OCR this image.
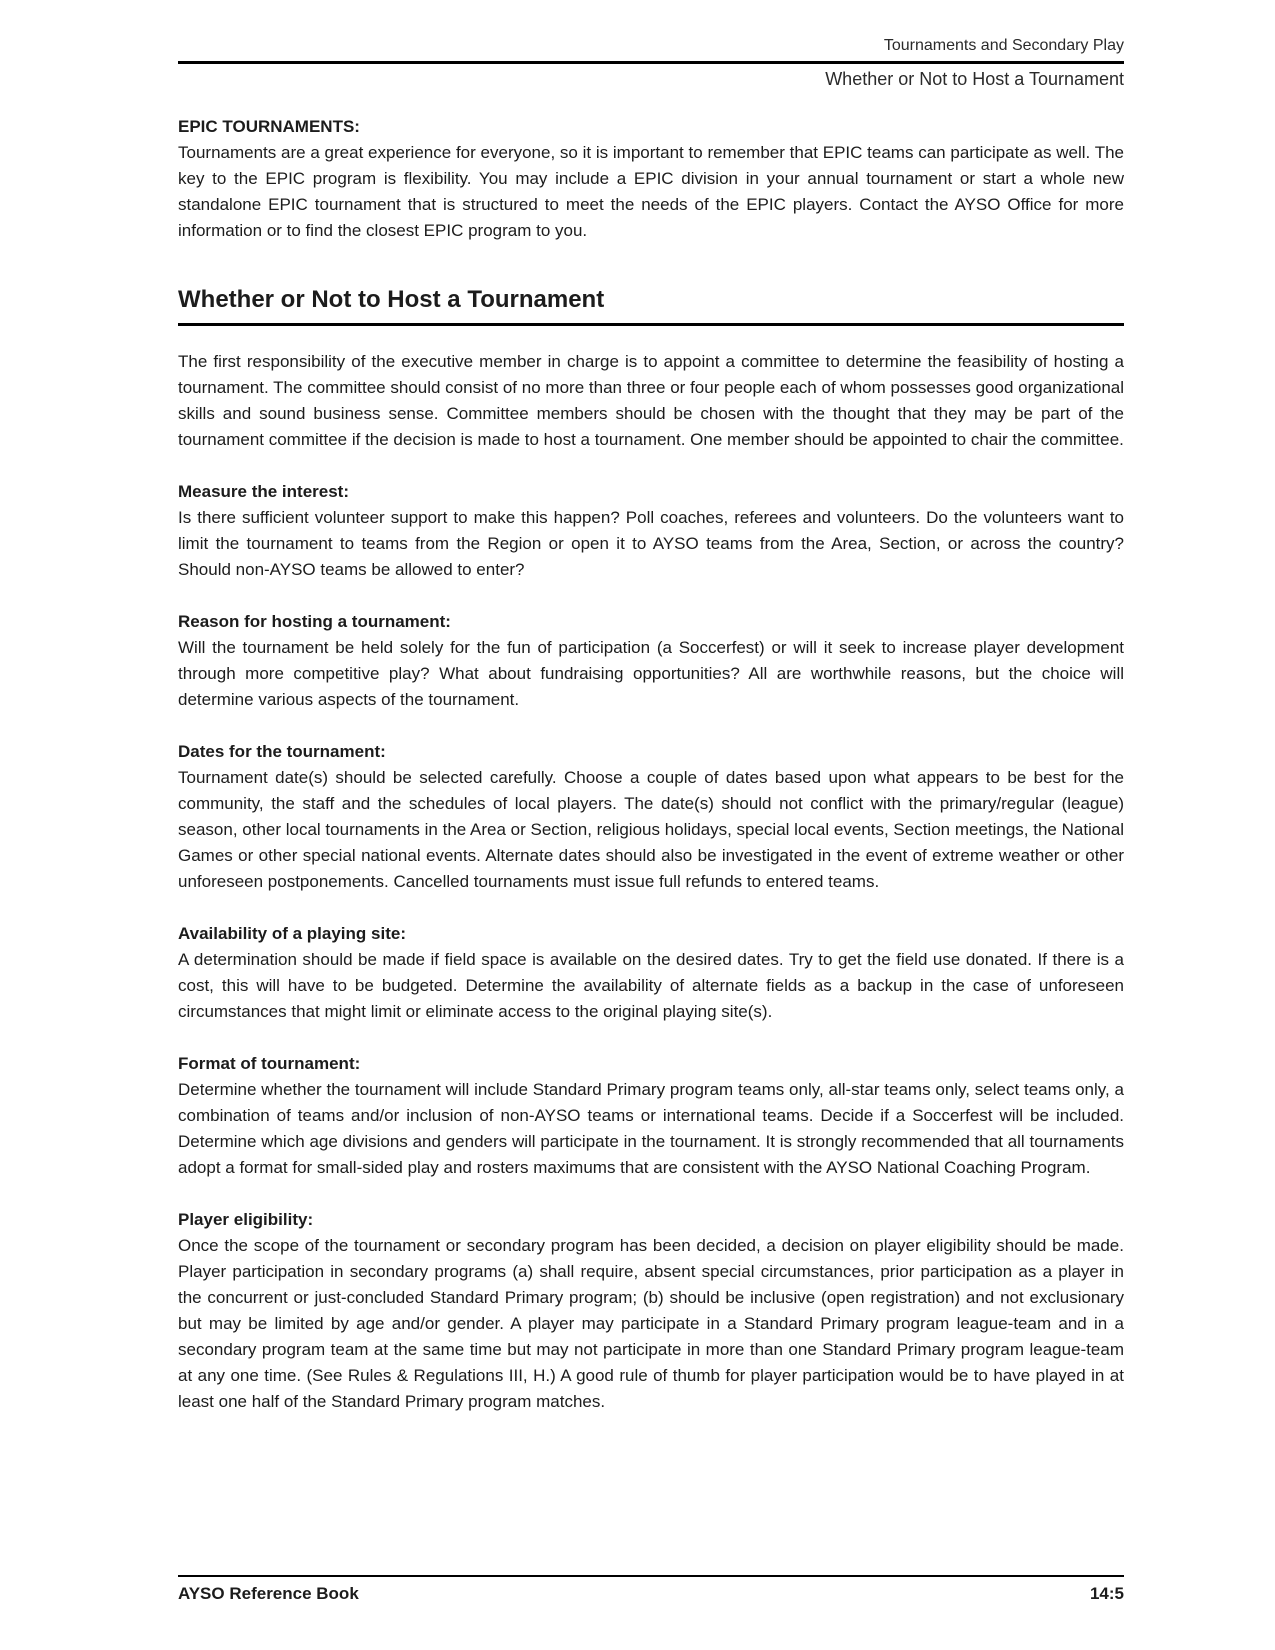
Tournaments and Secondary Play
Whether or Not to Host a Tournament

EPIC TOURNAMENTS:

Tournaments are a great experience for everyone, so it is important to remember that EPIC teams can participate as well. The key to the EPIC program is flexibility. You may include a EPIC division in your annual tournament or start a whole new standalone EPIC tournament that is structured to meet the needs of the EPIC players. Contact the AYSO Office for more information or to find the closest EPIC program to you.

Whether or Not to Host a Tournament

The first responsibility of the executive member in charge is to appoint a committee to determine the feasibility of hosting a tournament. The committee should consist of no more than three or four people each of whom possesses good organizational skills and sound business sense. Committee members should be chosen with the thought that they may be part of the tournament committee if the decision is made to host a tournament. One member should be appointed to chair the committee.

Measure the interest:

Is there sufficient volunteer support to make this happen? Poll coaches, referees and volunteers. Do the volunteers want to limit the tournament to teams from the Region or open it to AYSO teams from the Area, Section, or across the country? Should non-AYSO teams be allowed to enter?

Reason for hosting a tournament:

Will the tournament be held solely for the fun of participation (a Soccerfest) or will it seek to increase player development through more competitive play? What about fundraising opportunities? All are worthwhile reasons, but the choice will determine various aspects of the tournament.

Dates for the tournament:

Tournament date(s) should be selected carefully. Choose a couple of dates based upon what appears to be best for the community, the staff and the schedules of local players. The date(s) should not conflict with the primary/regular (league) season, other local tournaments in the Area or Section, religious holidays, special local events, Section meetings, the National Games or other special national events. Alternate dates should also be investigated in the event of extreme weather or other unforeseen postponements. Cancelled tournaments must issue full refunds to entered teams.

Availability of a playing site:

A determination should be made if field space is available on the desired dates. Try to get the field use donated. If there is a cost, this will have to be budgeted. Determine the availability of alternate fields as a backup in the case of unforeseen circumstances that might limit or eliminate access to the original playing site(s).

Format of tournament:

Determine whether the tournament will include Standard Primary program teams only, all-star teams only, select teams only, a combination of teams and/or inclusion of non-AYSO teams or international teams. Decide if a Soccerfest will be included. Determine which age divisions and genders will participate in the tournament. It is strongly recommended that all tournaments adopt a format for small-sided play and rosters maximums that are consistent with the AYSO National Coaching Program.

Player eligibility:

Once the scope of the tournament or secondary program has been decided, a decision on player eligibility should be made. Player participation in secondary programs (a) shall require, absent special circumstances, prior participation as a player in the concurrent or just-concluded Standard Primary program; (b) should be inclusive (open registration) and not exclusionary but may be limited by age and/or gender. A player may participate in a Standard Primary program league-team and in a secondary program team at the same time but may not participate in more than one Standard Primary program league-team at any one time. (See Rules & Regulations III, H.) A good rule of thumb for player participation would be to have played in at least one half of the Standard Primary program matches.

AYSO Reference Book	14:5
